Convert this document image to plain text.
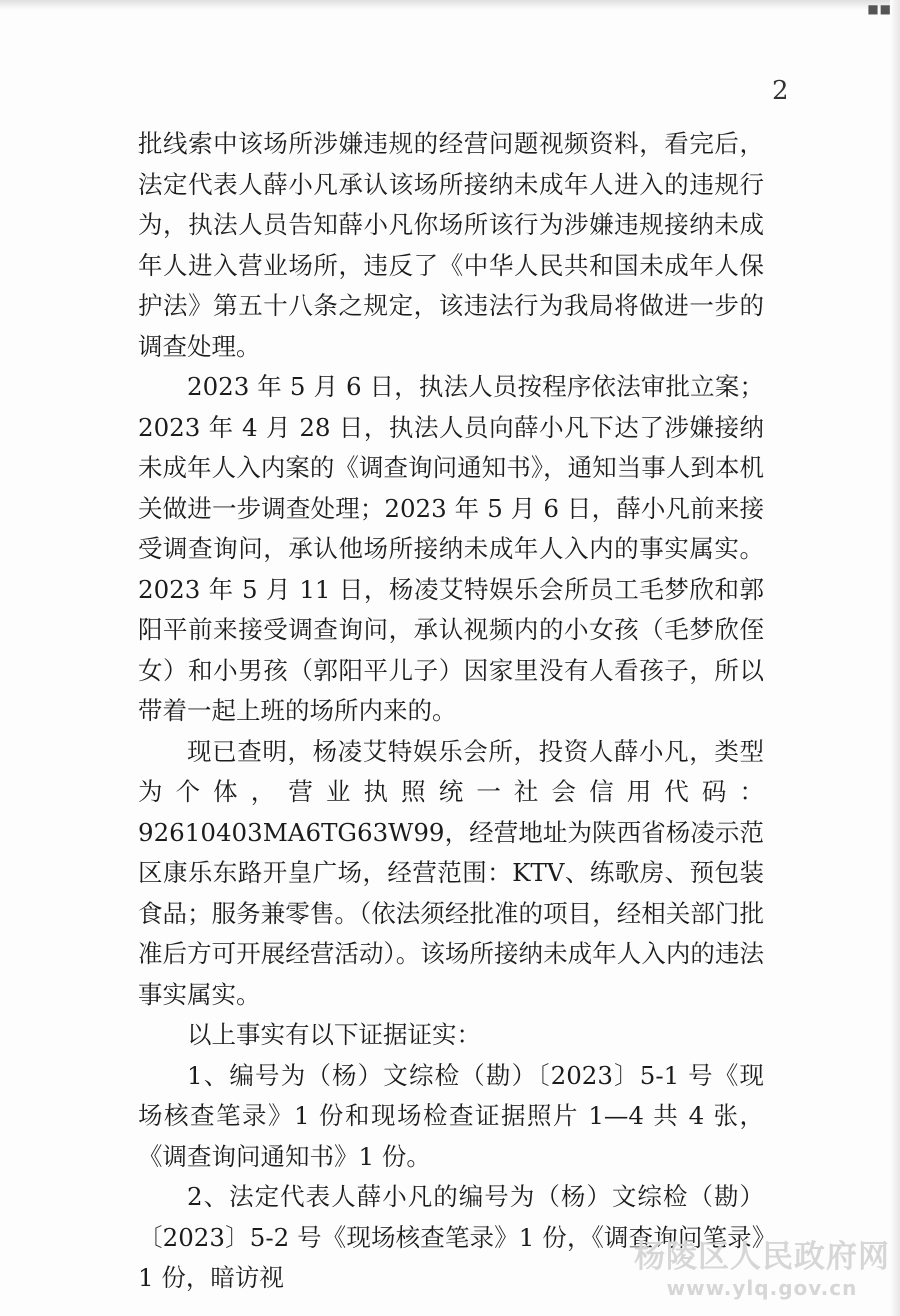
■■
2

批线索中该场所涉嫌违规的经营问题视频资料，看完后，法定代表人薛小凡承认该场所接纳未成年人进入的违规行为，执法人员告知薛小凡你场所该行为涉嫌违规接纳未成年人进入营业场所，违反了《中华人民共和国未成年人保护法》第五十八条之规定，该违法行为我局将做进一步的调查处理。

2023 年 5 月 6 日，执法人员按程序依法审批立案；2023 年 4 月 28 日，执法人员向薛小凡下达了涉嫌接纳未成年人入内案的《调查询问通知书》，通知当事人到本机关做进一步调查处理；2023 年 5 月 6 日，薛小凡前来接受调查询问，承认他场所接纳未成年人入内的事实属实。2023 年 5 月 11 日，杨凌艾特娱乐会所员工毛梦欣和郭阳平前来接受调查询问，承认视频内的小女孩（毛梦欣侄女）和小男孩（郭阳平儿子）因家里没有人看孩子，所以带着一起上班的场所内来的。

现已查明，杨凌艾特娱乐会所，投资人薛小凡，类型为个体，营业执照统一社会信用代码：92610403MA6TG63W99，经营地址为陕西省杨凌示范区康乐东路开皇广场，经营范围：KTV、练歌房、预包装食品；服务兼零售。（依法须经批准的项目，经相关部门批准后方可开展经营活动）。该场所接纳未成年人入内的违法事实属实。

以上事实有以下证据证实：

1、编号为（杨）文综检（勘）〔2023〕5-1 号《现场核查笔录》1 份和现场检查证据照片 1—4 共 4 张，《调查询问通知书》1 份。

2、法定代表人薛小凡的编号为（杨）文综检（勘）〔2023〕5-2 号《现场核查笔录》1 份，《调查询问笔录》1 份，暗访视

杨陵区人民政府网
www.ylq.gov.cn
